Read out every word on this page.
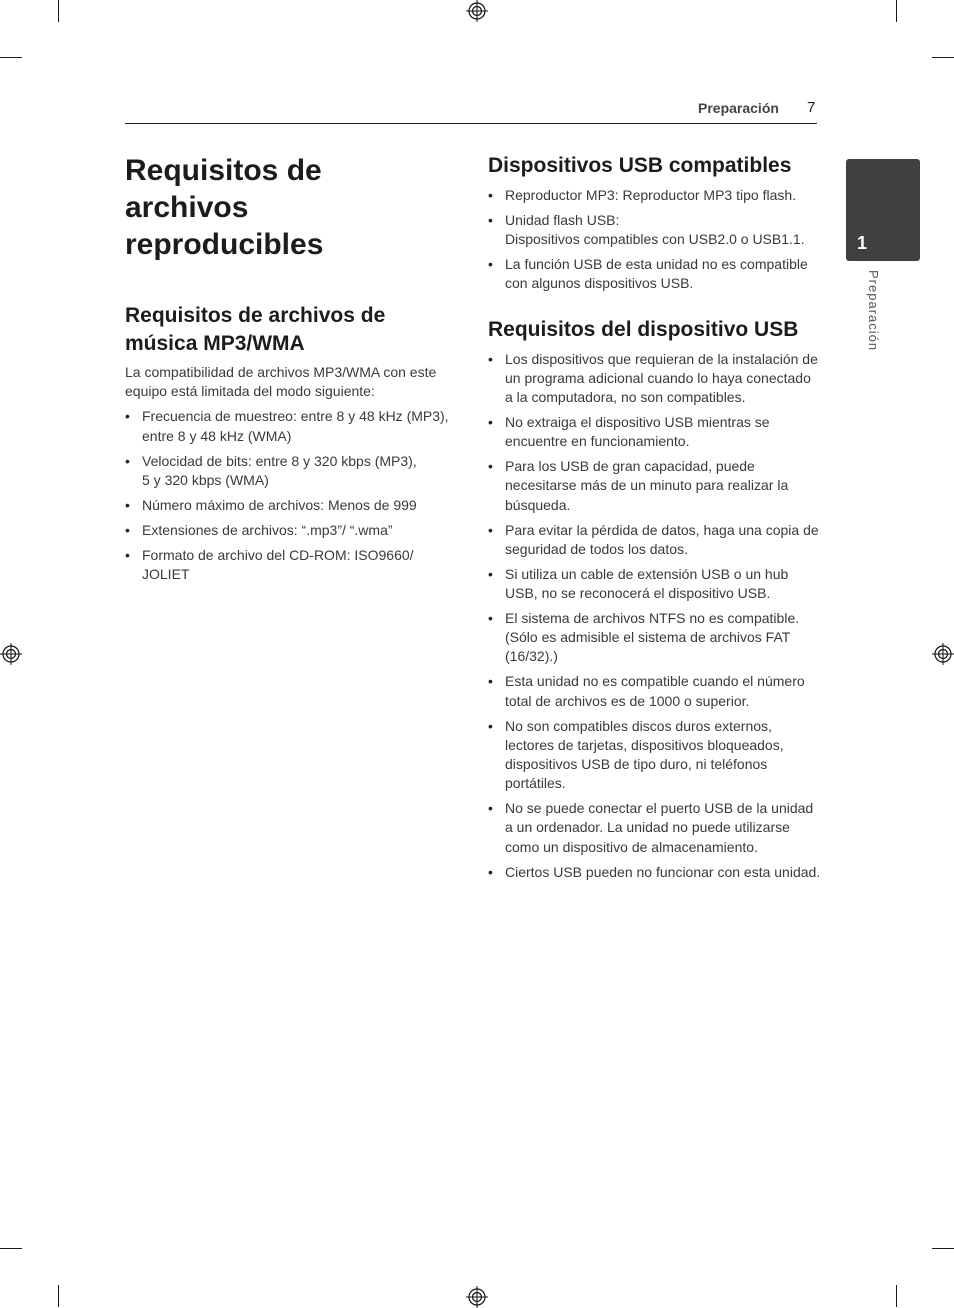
Preparación 7
1
Preparación
Requisitos de archivos reproducibles
Requisitos de archivos de música MP3/WMA

La compatibilidad de archivos MP3/WMA con este equipo está limitada del modo siguiente:

• Frecuencia de muestreo: entre 8 y 48 kHz (MP3), entre 8 y 48 kHz (WMA)
• Velocidad de bits: entre 8 y 320 kbps (MP3),
5 y 320 kbps (WMA)
• Número máximo de archivos: Menos de 999
• Extensiones de archivos: “.mp3”/ “.wma”
• Formato de archivo del CD-ROM: ISO9660/ JOLIET
Dispositivos USB compatibles
• Reproductor MP3: Reproductor MP3 tipo flash.
• Unidad flash USB:
Dispositivos compatibles con USB2.0 o USB1.1.
• La función USB de esta unidad no es compatible con algunos dispositivos USB.
Requisitos del dispositivo USB
• Los dispositivos que requieran de la instalación de un programa adicional cuando lo haya conectado a la computadora, no son compatibles.
• No extraiga el dispositivo USB mientras se encuentre en funcionamiento.
• Para los USB de gran capacidad, puede necesitarse más de un minuto para realizar la búsqueda.
• Para evitar la pérdida de datos, haga una copia de seguridad de todos los datos.
• Si utiliza un cable de extensión USB o un hub USB, no se reconocerá el dispositivo USB.
• El sistema de archivos NTFS no es compatible. (Sólo es admisible el sistema de archivos FAT (16/32).)
• Esta unidad no es compatible cuando el número total de archivos es de 1000 o superior.
• No son compatibles discos duros externos, lectores de tarjetas, dispositivos bloqueados, dispositivos USB de tipo duro, ni teléfonos portátiles.
• No se puede conectar el puerto USB de la unidad a un ordenador. La unidad no puede utilizarse como un dispositivo de almacenamiento.
• Ciertos USB pueden no funcionar con esta unidad.
